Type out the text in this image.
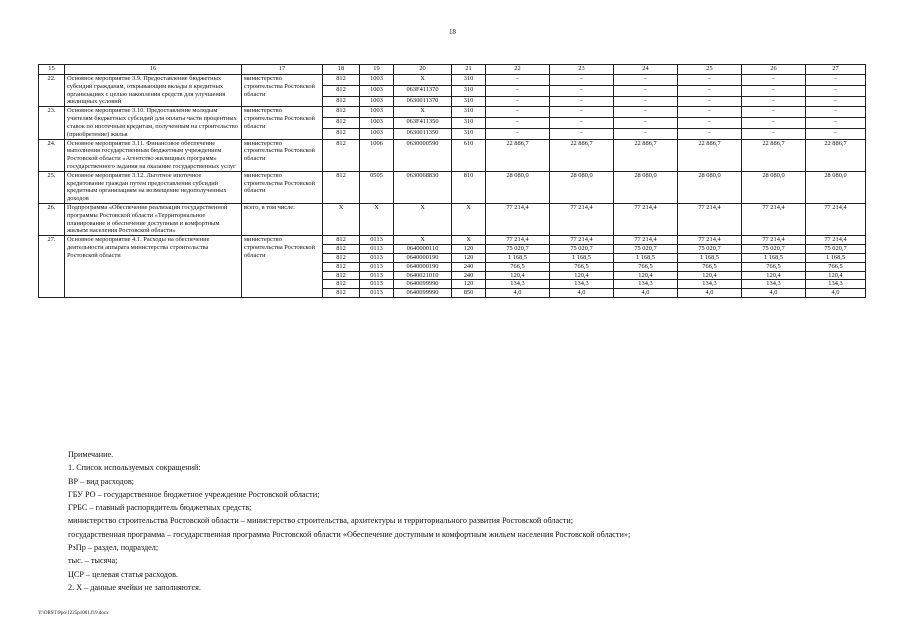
18
15	16	17	18	19	20	21	22	23	24	25	26	27
22.	Основное мероприятие 3.9. Предоставление бюджетных субсидий гражданам, открывающим вклады в кредитных организациях с целью накопления средств для улучшения жилищных условий	министерство строительства Ростовской области	812	1003	X	310	–	–	–	–	–	–
			812	1003	063F411370	310	–	–	–	–	–	–
			812	1003	0630011370	310	–	–	–	–	–	–
23.	Основное мероприятие 3.10. Предоставление молодым учителям бюджетных субсидий для оплаты части процентных ставок по ипотечным кредитам, полученным на строительство (приобретение) жилья	министерство строительства Ростовской области	812	1003	X	310	–	–	–	–	–	–
			812	1003	063F411350	310	–	–	–	–	–	–
			812	1003	0630011350	310	–	–	–	–	–	–
24.	Основное мероприятие 3.11. Финансовое обеспечение выполнения государственным бюджетным учреждением Ростовской области «Агентство жилищных программ» государственного задания на оказание государственных услуг	министерство строительства Ростовской области	812	1006	0630000590	610	22 886,7	22 886,7	22 886,7	22 886,7	22 886,7	22 886,7
25.	Основное мероприятие 3.12. Льготное ипотечное кредитование граждан путем предоставления субсидий кредитным организациям на возмещение недополученных доходов	министерство строительства Ростовской области	812	0505	0630068830	810	28 080,0	28 080,0	28 080,0	28 080,0	28 080,0	28 080,0
26.	Подпрограмма «Обеспечение реализации государственной программы Ростовской области «Территориальное планирование и обеспечение доступным и комфортным жильем населения Ростовской области»	всего, в том числе:	X	X	X	X	77 214,4	77 214,4	77 214,4	77 214,4	77 214,4	77 214,4
27.	Основное мероприятие 4.1. Расходы на обеспечение деятельности аппарата министерства строительства Ростовской области	министерство строительства Ростовской области	812	0113	X	X	77 214,4	77 214,4	77 214,4	77 214,4	77 214,4	77 214,4
			812	0113	0640000110	120	75 020,7	75 020,7	75 020,7	75 020,7	75 020,7	75 020,7
			812	0113	0640000190	120	1 168,5	1 168,5	1 168,5	1 168,5	1 168,5	1 168,5
			812	0113	0640000190	240	766,5	766,5	766,5	766,5	766,5	766,5
			812	0113	0640021010	240	120,4	120,4	120,4	120,4	120,4	120,4
			812	0113	0640099990	120	134,3	134,3	134,3	134,3	134,3	134,3
			812	0113	0640099990	850	4,0	4,0	4,0	4,0	4,0	4,0
Примечание.
1. Список используемых сокращений:
ВР – вид расходов;
ГБУ РО – государственное бюджетное учреждение Ростовской области;
ГРБС – главный распорядитель бюджетных средств;
министерство строительства Ростовской области – министерство строительства, архитектуры и территориального развития Ростовской области;
государственная программа – государственная программа Ростовской области «Обеспечение доступным и комфортным жильем населения Ростовской области»;
РзПр – раздел, подраздел;
тыс. – тысяча;
ЦСР – целевая статья расходов.
2. Х – данные ячейки не заполняются.
Y:\ORST\Ppo\1225p1001.f19.docx
